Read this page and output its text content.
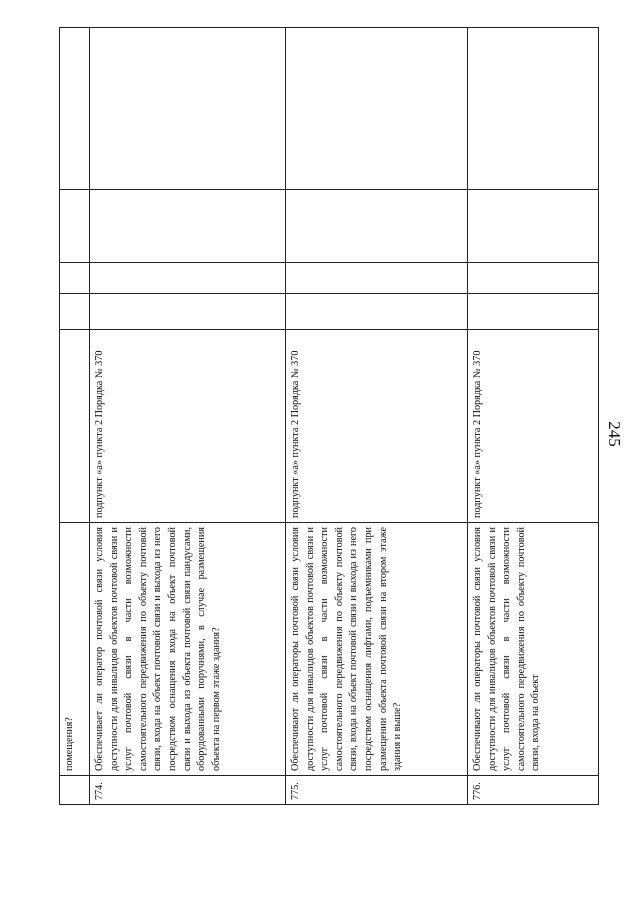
245
помещения?
774.
Обеспечивает ли оператор почтовой связи условия доступности для инвалидов объектов почтовой связи и услуг почтовой связи в части возможности самостоятельного передвижения по объекту почтовой связи, входа на объект почтовой связи и выхода из него посредством оснащения входа на объект почтовой связи и выхода из объекта почтовой связи пандусами, оборудованными поручнями, в случае размещения объекта на первом этаже здания?
подпункт «а» пункта 2 Порядка № 370
775.
Обеспечивают ли операторы почтовой связи условия доступности для инвалидов объектов почтовой связи и услуг почтовой связи в части возможности самостоятельного передвижения по объекту почтовой связи, входа на объект почтовой связи и выхода из него посредством оснащения лифтами, подъемниками при размещении объекта почтовой связи на втором этаже здания и выше?
подпункт «а» пункта 2 Порядка № 370
776.
Обеспечивают ли операторы почтовой связи условия доступности для инвалидов объектов почтовой связи и услуг почтовой связи в части возможности самостоятельного передвижения по объекту почтовой связи, входа на объект
подпункт «а» пункта 2 Порядка № 370
